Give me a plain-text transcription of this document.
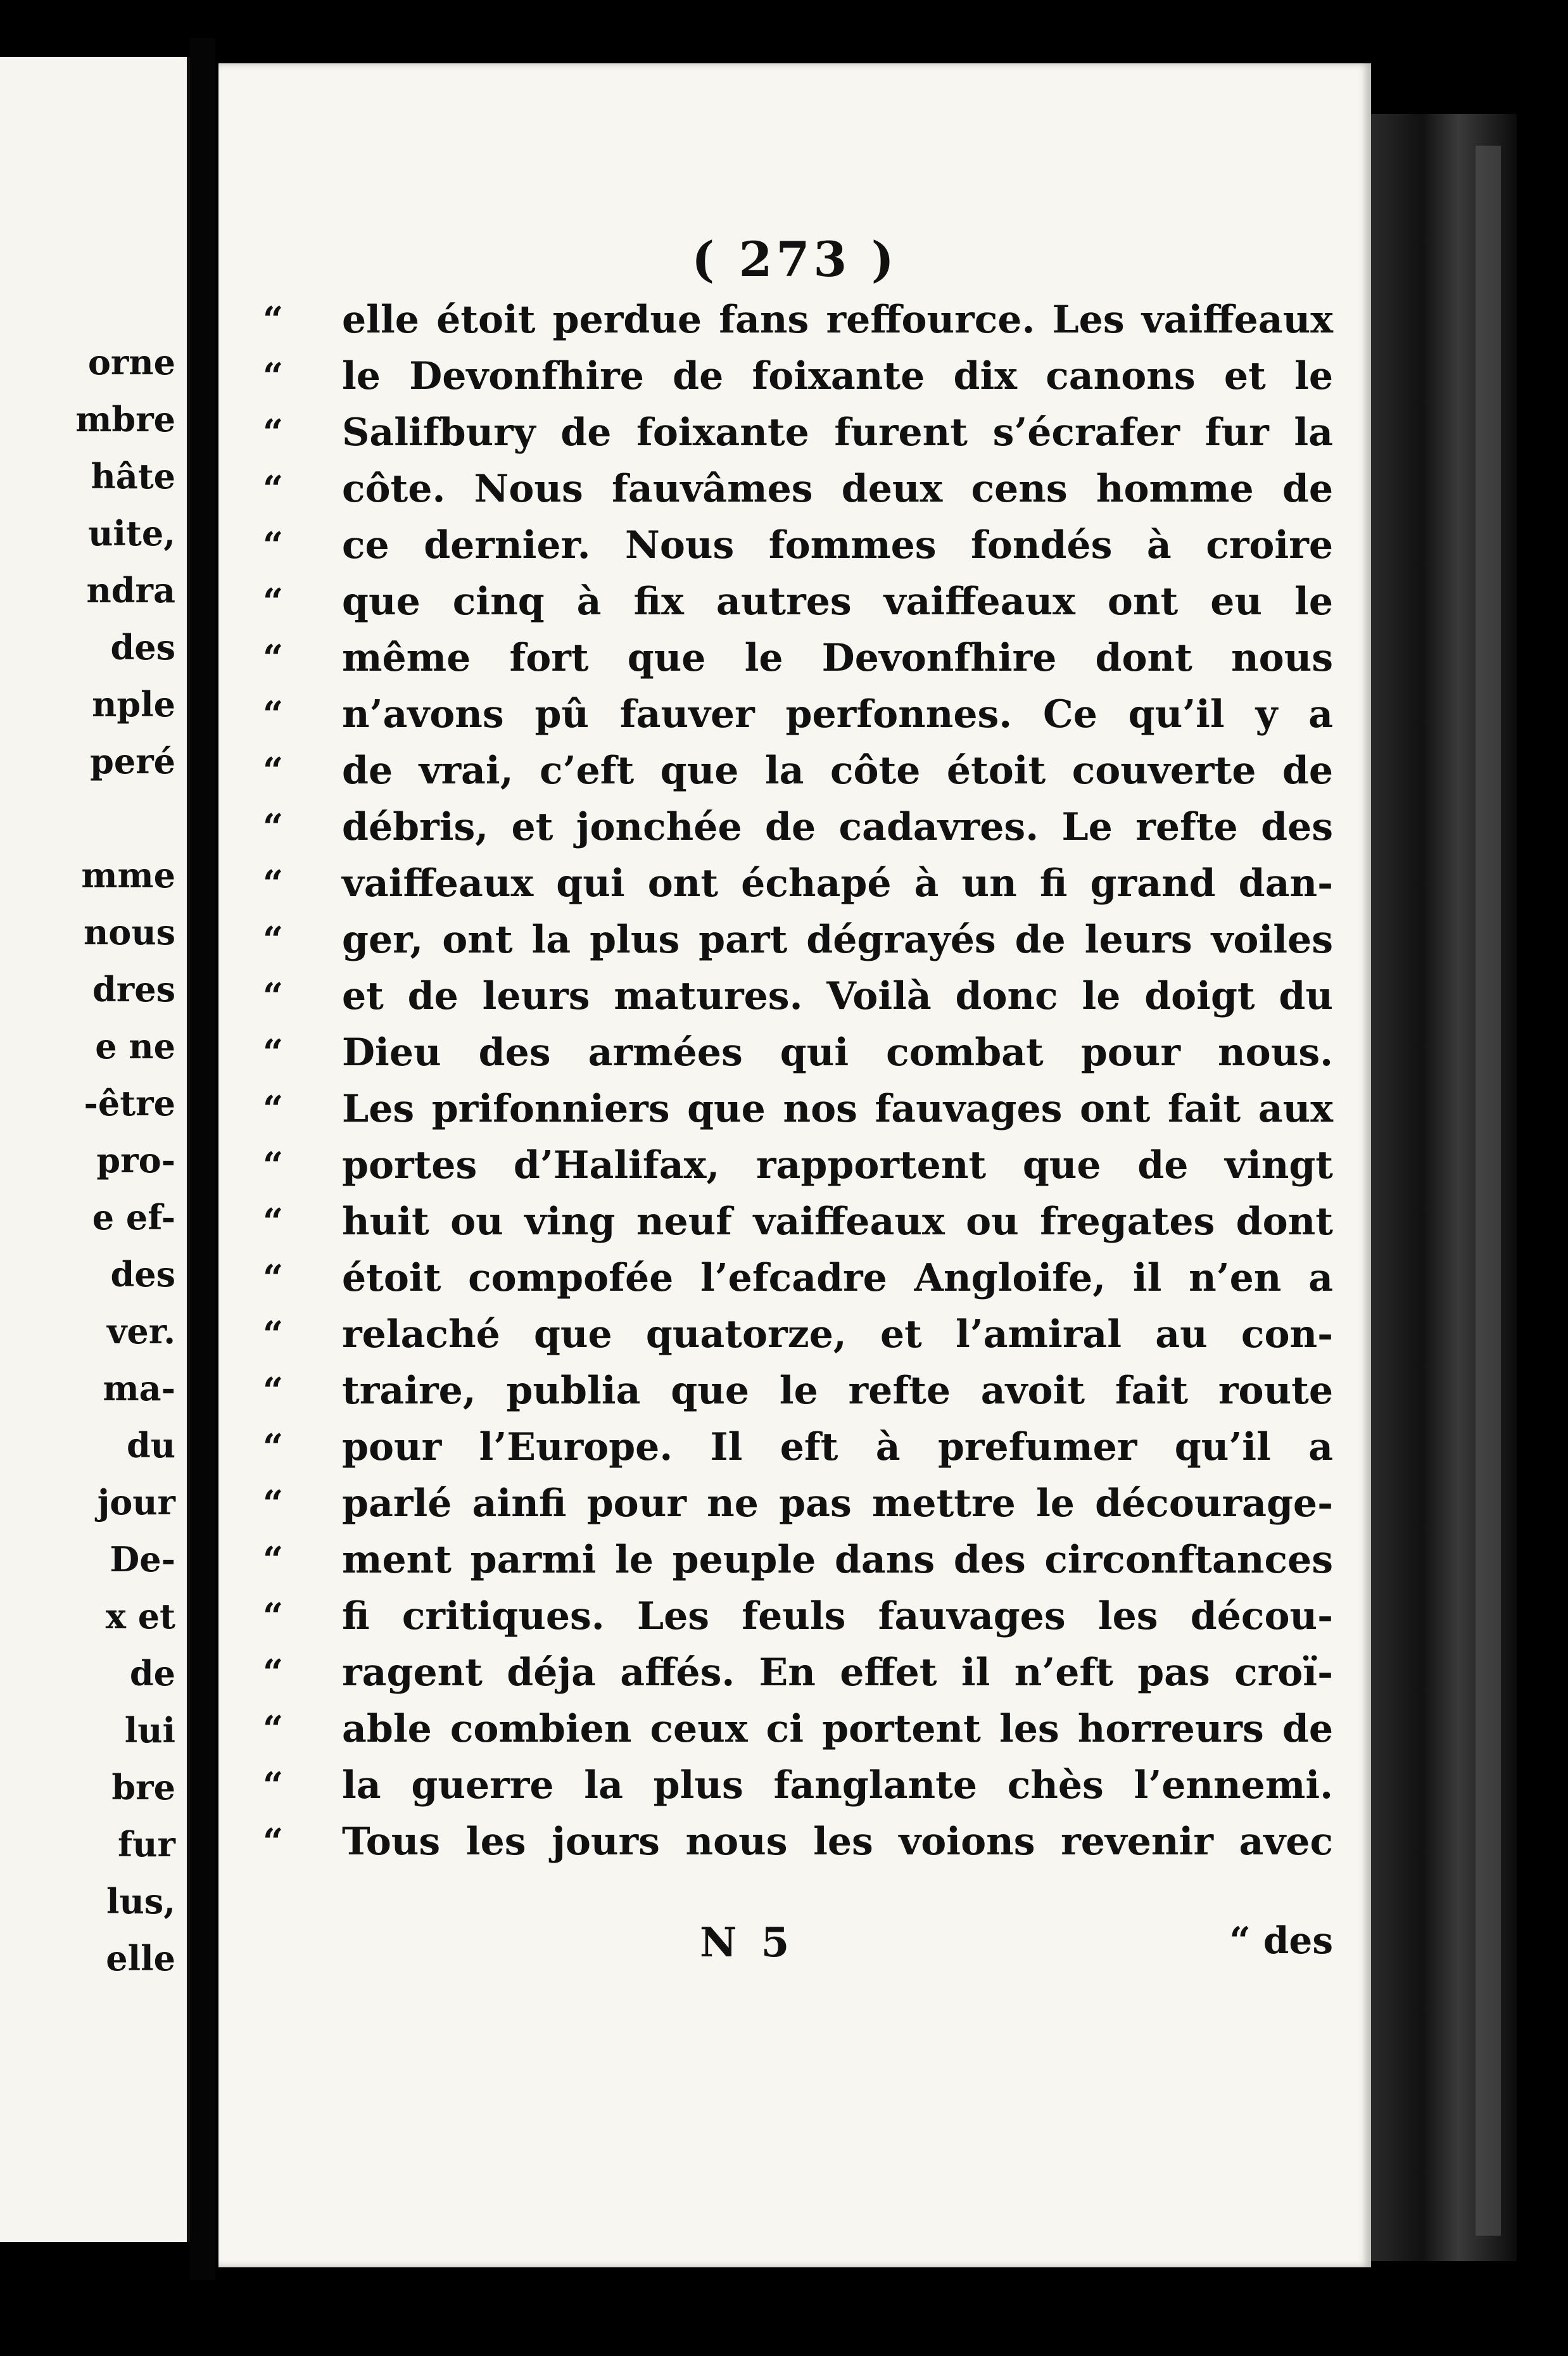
orne
mbre
hâte
uite,
ndra
des
nple
peré
mme
nous
dres
e ne
-être
pro-
e ef-
des
ver.
ma-
du
jour
De-
x et
de
lui
bre
fur
lus,
elle
( 273 )
“	elle étoit perdue fans reffource. Les vaiffeaux
“	le Devonfhire de foixante dix canons et le
“	Salifbury de foixante furent s’écrafer fur la
“	côte. Nous fauvâmes deux cens homme de
“	ce dernier. Nous fommes fondés à croire
“	que cinq à fix autres vaiffeaux ont eu le
“	même fort que le Devonfhire dont nous
“	n’avons pû fauver perfonnes. Ce qu’il y a
“	de vrai, c’eft que la côte étoit couverte de
“	débris, et jonchée de cadavres. Le refte des
“	vaiffeaux qui ont échapé à un fi grand dan-
“	ger, ont la plus part dégrayés de leurs voiles
“	et de leurs matures. Voilà donc le doigt du
“	Dieu des armées qui combat pour nous.
“	Les prifonniers que nos fauvages ont fait aux
“	portes d’Halifax, rapportent que de vingt
“	huit ou ving neuf vaiffeaux ou fregates dont
“	étoit compofée l’efcadre Angloife, il n’en a
“	relaché que quatorze, et l’amiral au con-
“	traire, publia que le refte avoit fait route
“	pour l’Europe. Il eft à prefumer qu’il a
“	parlé ainfi pour ne pas mettre le décourage-
“	ment parmi le peuple dans des circonftances
“	fi critiques. Les feuls fauvages les décou-
“	ragent déja affés. En effet il n’eft pas croï-
“	able combien ceux ci portent les horreurs de
“	la guerre la plus fanglante chès l’ennemi.
“	Tous les jours nous les voions revenir avec
N 5	“ des
